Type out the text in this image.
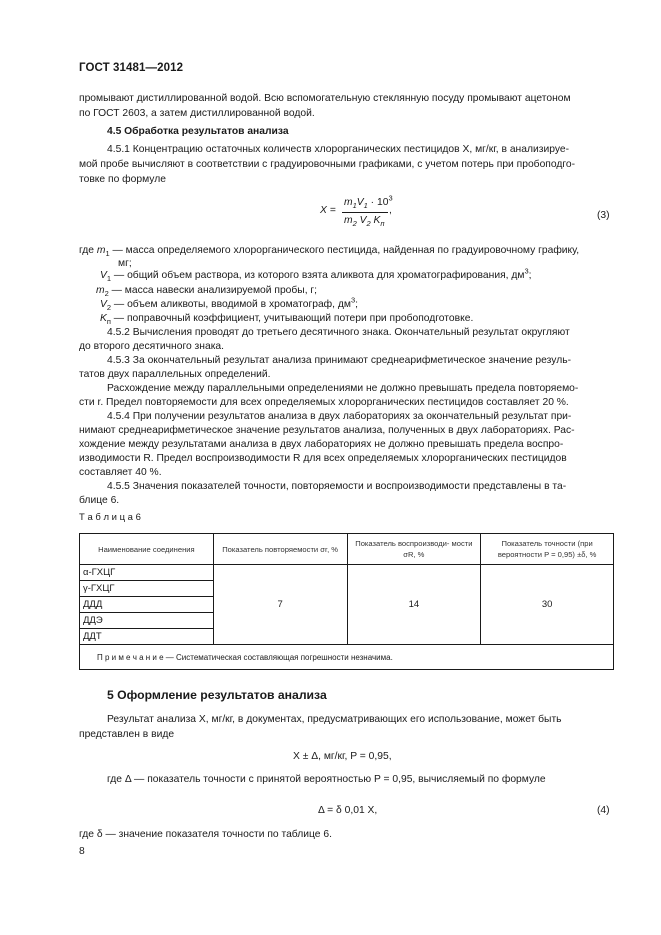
ГОСТ 31481—2012
промывают дистиллированной водой. Всю вспомогательную стеклянную посуду промывают ацетоном
по ГОСТ 2603, а затем дистиллированной водой.
4.5 Обработка результатов анализа
4.5.1 Концентрацию остаточных количеств хлорорганических пестицидов X, мг/кг, в анализируе-
мой пробе вычисляют в соответствии с градуировочными графиками, с учетом потерь при пробоподго-
товке по формуле
X =
$m_1V_1 \cdot 10^3$
$m_2$ $V_2$ $K_п$
,	(3)
где $m_1$ — масса определяемого хлорорганического пестицида, найденная по градуировочному графику,
мг;
$V_1$ — общий объем раствора, из которого взята аликвота для хроматографирования, $дм^3$;
$m_2$ — масса навески анализируемой пробы, г;
$V_2$ — объем аликвоты, вводимой в хроматограф, $дм^3$;
$K_п$ — поправочный коэффициент, учитывающий потери при пробоподготовке.
4.5.2 Вычисления проводят до третьего десятичного знака. Окончательный результат округляют
до второго десятичного знака.
4.5.3 За окончательный результат анализа принимают среднеарифметическое значение резуль-
татов двух параллельных определений.
Расхождение между параллельными определениями не должно превышать предела повторяемо-
сти r. Предел повторяемости для всех определяемых хлорорганических пестицидов составляет 20 %.
4.5.4 При получении результатов анализа в двух лабораториях за окончательный результат при-
нимают среднеарифметическое значение результатов анализа, полученных в двух лабораториях. Рас-
хождение между результатами анализа в двух лабораториях не должно превышать предела воспро-
изводимости R. Предел воспроизводимости R для всех определяемых хлорорганических пестицидов
составляет 40 %.
4.5.5 Значения показателей точности, повторяемости и воспроизводимости представлены в та-
блице 6.
Т а б л и ц а 6
Наименование соединения	Показатель повторяемости σr, %	Показатель воспроизводи- мости σR, %	Показатель точности (при вероятности P = 0,95) ±δ, %
α-ГХЦГ	7	14	30
γ-ГХЦГ			
ДДД			
ДДЭ			
ДДТ			
П р и м е ч а н и е — Систематическая составляющая погрешности незначима.			
5 Оформление результатов анализа
Результат анализа X, мг/кг, в документах, предусматривающих его использование, может быть
представлен в виде
X ± Δ, мг/кг, P = 0,95,
где Δ — показатель точности с принятой вероятностью P = 0,95, вычисляемый по формуле
Δ = δ 0,01 X,	(4)
где δ — значение показателя точности по таблице 6.
8
